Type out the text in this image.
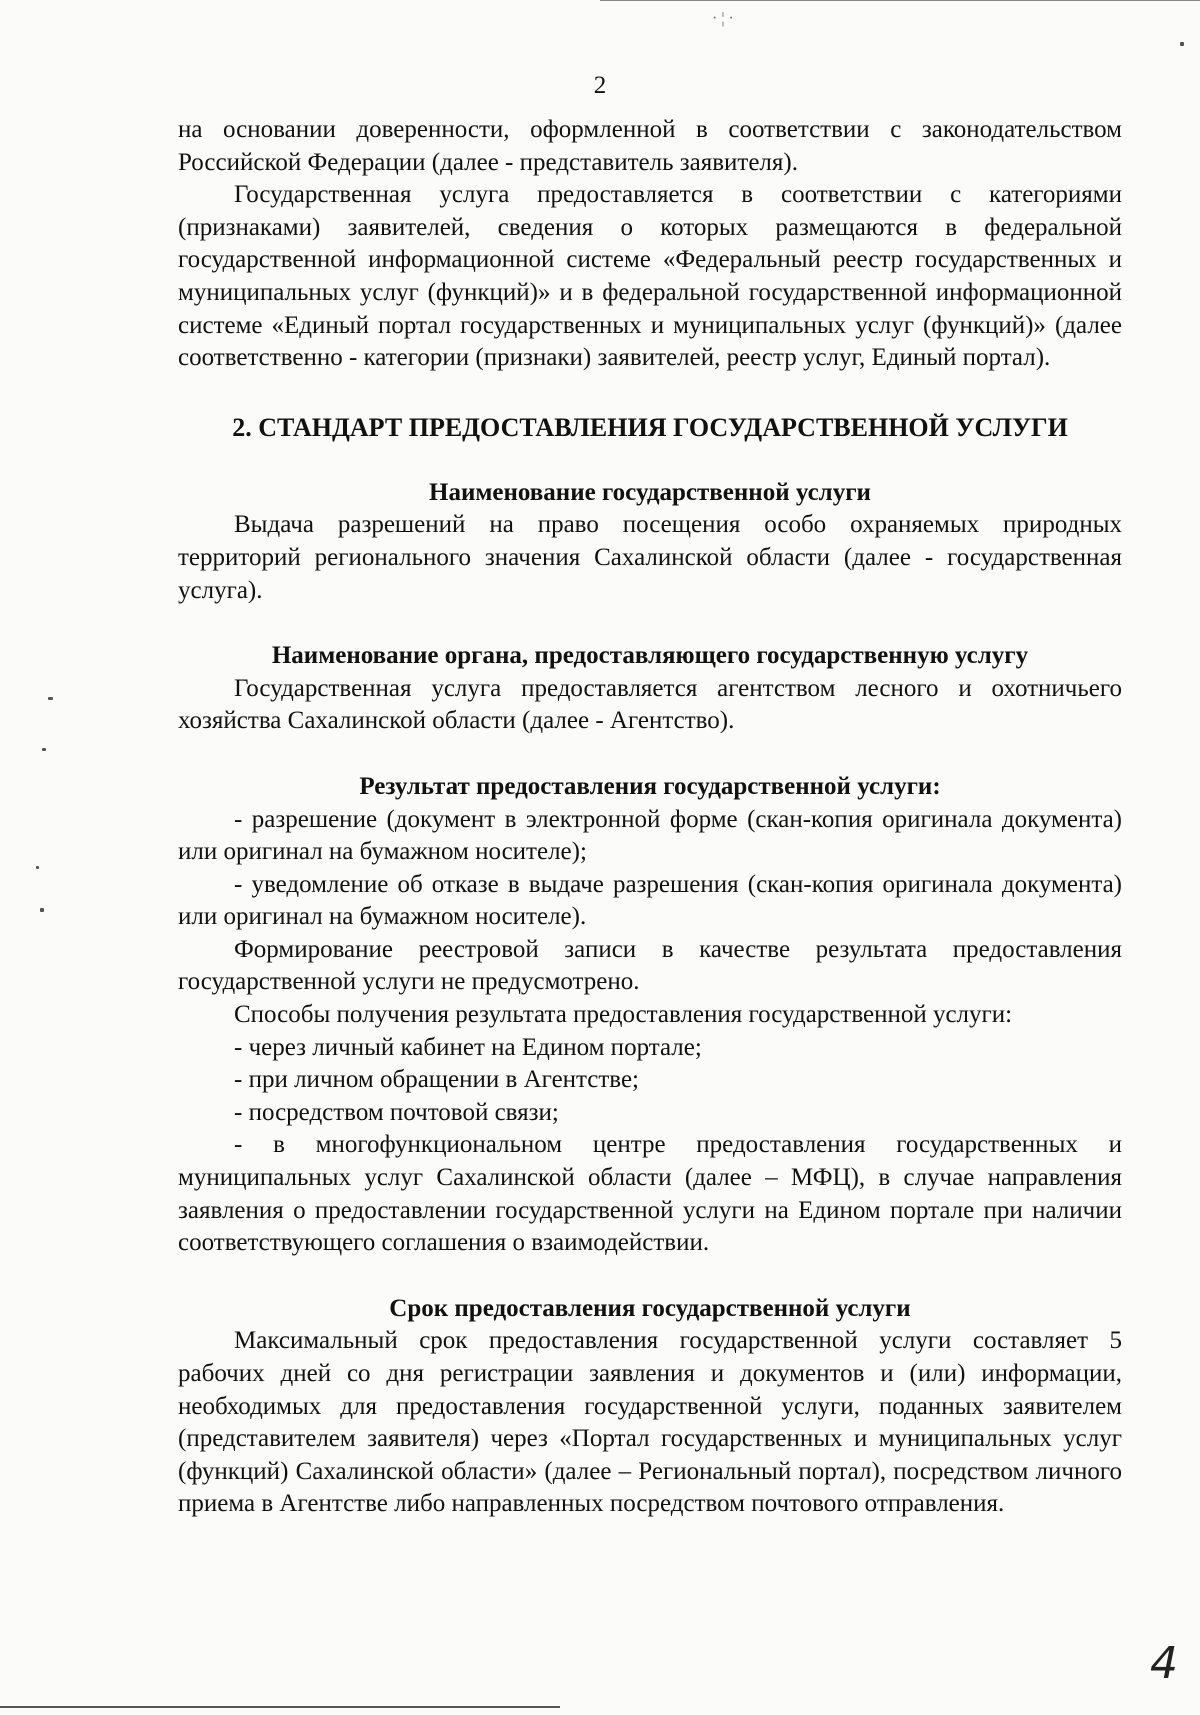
· ¦ ·
2

на основании доверенности, оформленной в соответствии с законодательством Российской Федерации (далее - представитель заявителя).

Государственная услуга предоставляется в соответствии с категориями (признаками) заявителей, сведения о которых размещаются в федеральной государственной информационной системе «Федеральный реестр государственных и муниципальных услуг (функций)» и в федеральной государственной информационной системе «Единый портал государственных и муниципальных услуг (функций)» (далее соответственно - категории (признаки) заявителей, реестр услуг, Единый портал).

2. СТАНДАРТ ПРЕДОСТАВЛЕНИЯ ГОСУДАРСТВЕННОЙ УСЛУГИ
Наименование государственной услуги

Выдача разрешений на право посещения особо охраняемых природных территорий регионального значения Сахалинской области (далее - государственная услуга).

Наименование органа, предоставляющего государственную услугу

Государственная услуга предоставляется агентством лесного и охотничьего хозяйства Сахалинской области (далее - Агентство).

Результат предоставления государственной услуги:

- разрешение (документ в электронной форме (скан-копия оригинала документа) или оригинал на бумажном носителе);

- уведомление об отказе в выдаче разрешения (скан-копия оригинала документа) или оригинал на бумажном носителе).

Формирование реестровой записи в качестве результата предоставления государственной услуги не предусмотрено.

Способы получения результата предоставления государственной услуги:

- через личный кабинет на Едином портале;

- при личном обращении в Агентстве;

- посредством почтовой связи;

- в многофункциональном центре предоставления государственных и муниципальных услуг Сахалинской области (далее – МФЦ), в случае направления заявления о предоставлении государственной услуги на Едином портале при наличии соответствующего соглашения о взаимодействии.

Срок предоставления государственной услуги

Максимальный срок предоставления государственной услуги составляет 5 рабочих дней со дня регистрации заявления и документов и (или) информации, необходимых для предоставления государственной услуги, поданных заявителем (представителем заявителя) через «Портал государственных и муниципальных услуг (функций) Сахалинской области» (далее – Региональный портал), посредством личного приема в Агентстве либо направленных посредством почтового отправления.

4
